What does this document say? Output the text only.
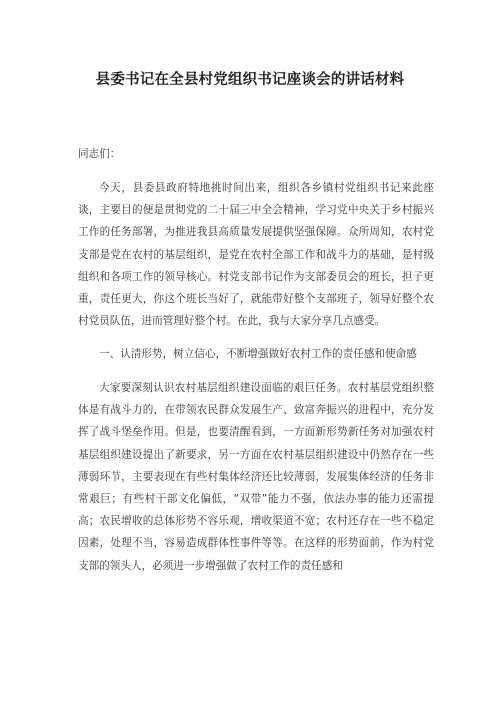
县委书记在全县村党组织书记座谈会的讲话材料
同志们：
今天，县委县政府特地挑时间出来，组织各乡镇村党组织书记来此座谈，主要目的便是贯彻党的二十届三中全会精神，学习党中央关于乡村振兴工作的任务部署，为推进我县高质量发展提供坚强保障。众所周知，农村党支部是党在农村的基层组织，是党在农村全部工作和战斗力的基础，是村级组织和各项工作的领导核心。村党支部书记作为支部委员会的班长，担子更重，责任更大，你这个班长当好了，就能带好整个支部班子，领导好整个农村党员队伍，进而管理好整个村。在此，我与大家分享几点感受。
一、认清形势，树立信心，不断增强做好农村工作的责任感和使命感
大家要深刻认识农村基层组织建设面临的艰巨任务。农村基层党组织整体是有战斗力的，在带领农民群众发展生产、致富奔振兴的进程中，充分发挥了战斗堡垒作用。但是，也要清醒看到，一方面新形势新任务对加强农村基层组织建设提出了新要求，另一方面在农村基层组织建设中仍然存在一些薄弱环节，主要表现在有些村集体经济还比较薄弱，发展集体经济的任务非常艰巨；有些村干部文化偏低，“双带”能力不强，依法办事的能力还需提高；农民增收的总体形势不容乐观，增收渠道不宽；农村还存在一些不稳定因素，处理不当，容易造成群体性事件等等。在这样的形势面前，作为村党支部的领头人，必须进一步增强做了农村工作的责任感和
